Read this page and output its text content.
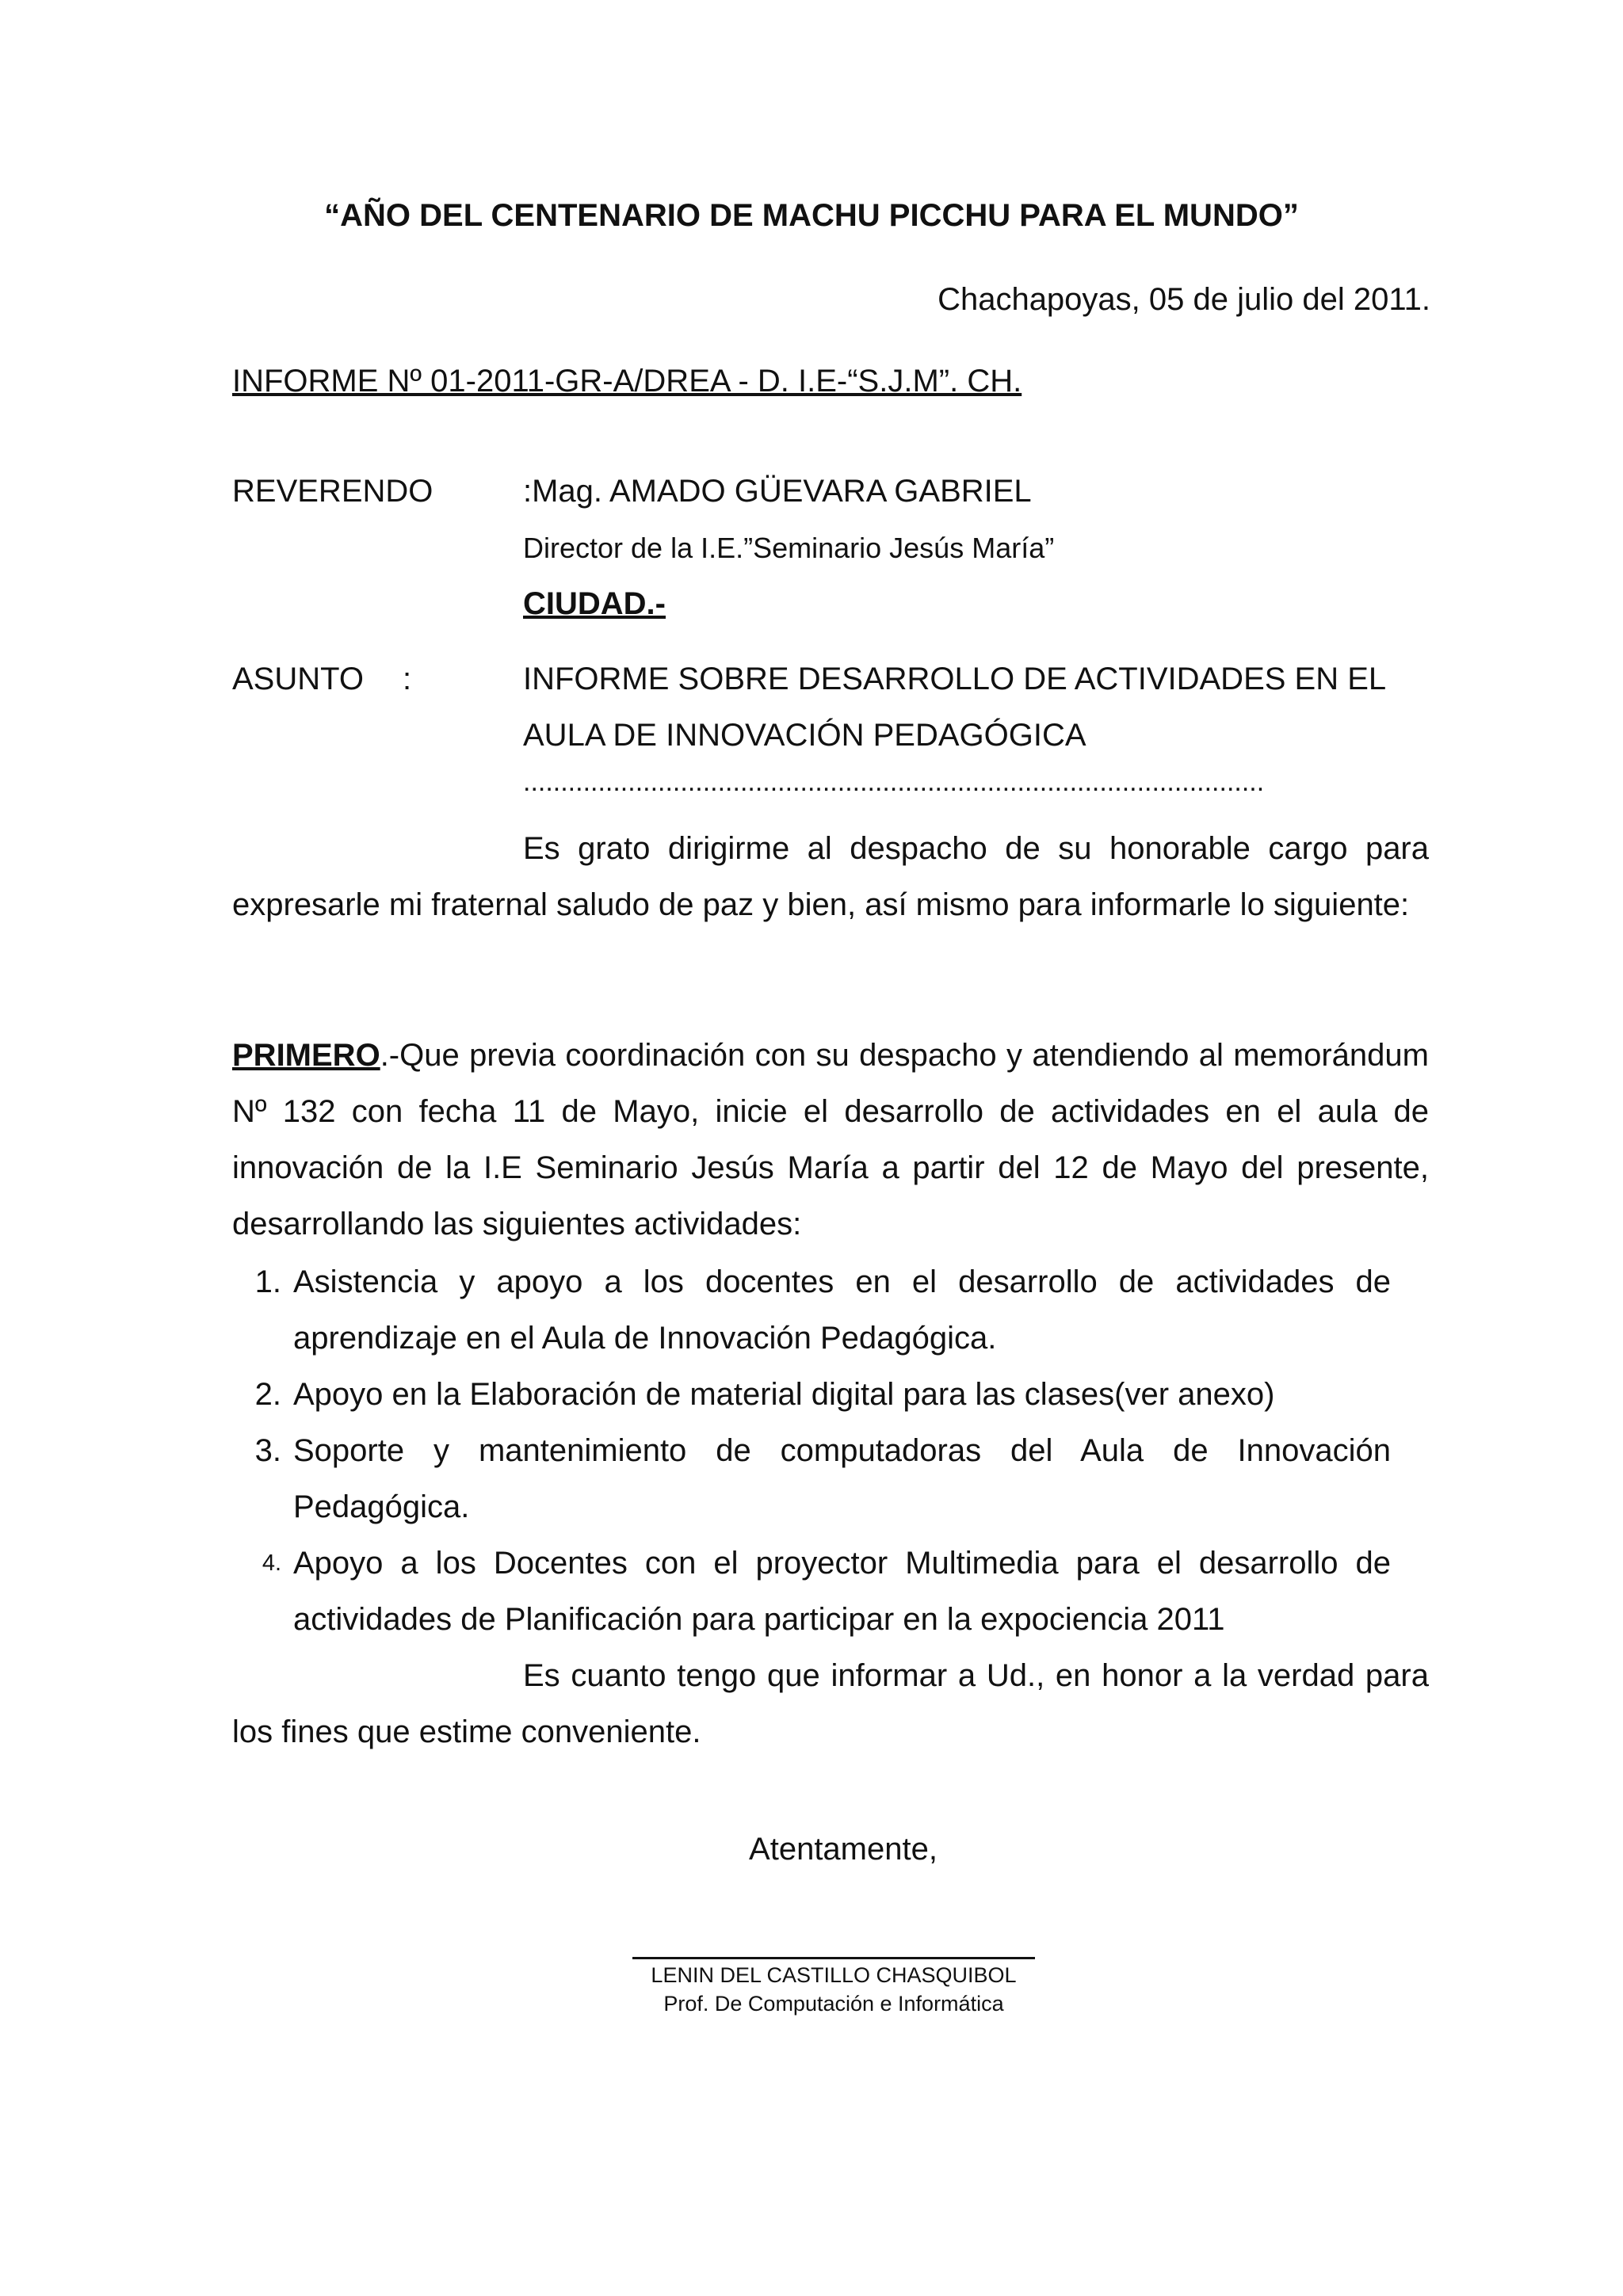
“AÑO DEL CENTENARIO DE MACHU PICCHU PARA EL MUNDO”
Chachapoyas, 05 de julio del 2011.
INFORME Nº 01-2011-GR-A/DREA - D. I.E-“S.J.M”. CH.
REVERENDO	:Mag. AMADO GÜEVARA GABRIEL
Director de la I.E.”Seminario Jesús María”
CIUDAD.-
ASUNTO :	INFORME SOBRE DESARROLLO DE ACTIVIDADES EN EL
AULA DE INNOVACIÓN PEDAGÓGICA
...................................................................................................
Es grato dirigirme al despacho de su honorable cargo para expresarle mi fraternal saludo de paz y bien, así mismo para informarle lo siguiente:
PRIMERO.-Que previa coordinación con su despacho y atendiendo al memorándum Nº 132 con fecha 11 de Mayo, inicie el desarrollo de actividades en el aula de innovación de la I.E Seminario Jesús María a partir del 12 de Mayo del presente, desarrollando las siguientes actividades:
1. Asistencia y apoyo a los docentes en el desarrollo de actividades de aprendizaje en el Aula de Innovación Pedagógica.
2. Apoyo en la Elaboración de material digital para las clases(ver anexo)
3. Soporte y mantenimiento de computadoras del Aula de Innovación Pedagógica.
4. Apoyo a los Docentes con el proyector Multimedia para el desarrollo de actividades de Planificación para participar en la expociencia 2011
Es cuanto tengo que informar a Ud., en honor a la verdad para los fines que estime conveniente.
Atentamente,
LENIN DEL CASTILLO CHASQUIBOL
Prof. De Computación e Informática
